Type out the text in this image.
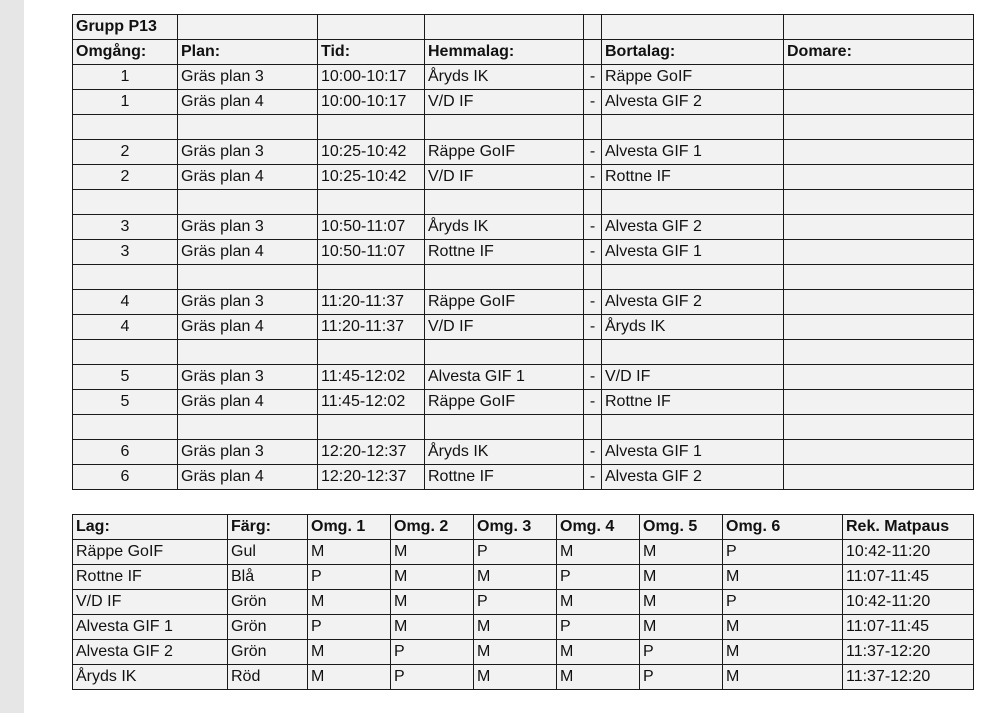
Grupp P13						
Omgång:	Plan:	Tid:	Hemmalag:		Bortalag:	Domare:
1	Gräs plan 3	10:00-10:17	Åryds IK	-	Räppe GoIF	
1	Gräs plan 4	10:00-10:17	V/D IF	-	Alvesta GIF 2	

2	Gräs plan 3	10:25-10:42	Räppe GoIF	-	Alvesta GIF 1	
2	Gräs plan 4	10:25-10:42	V/D IF	-	Rottne IF	

3	Gräs plan 3	10:50-11:07	Åryds IK	-	Alvesta GIF 2	
3	Gräs plan 4	10:50-11:07	Rottne IF	-	Alvesta GIF 1	

4	Gräs plan 3	11:20-11:37	Räppe GoIF	-	Alvesta GIF 2	
4	Gräs plan 4	11:20-11:37	V/D IF	-	Åryds IK	

5	Gräs plan 3	11:45-12:02	Alvesta GIF 1	-	V/D IF	
5	Gräs plan 4	11:45-12:02	Räppe GoIF	-	Rottne IF	

6	Gräs plan 3	12:20-12:37	Åryds IK	-	Alvesta GIF 1	
6	Gräs plan 4	12:20-12:37	Rottne IF	-	Alvesta GIF 2	
Lag:	Färg:	Omg. 1	Omg. 2	Omg. 3	Omg. 4	Omg. 5	Omg. 6	Rek. Matpaus
Räppe GoIF	Gul	M	M	P	M	M	P	10:42-11:20
Rottne IF	Blå	P	M	M	P	M	M	11:07-11:45
V/D IF	Grön	M	M	P	M	M	P	10:42-11:20
Alvesta GIF 1	Grön	P	M	M	P	M	M	11:07-11:45
Alvesta GIF 2	Grön	M	P	M	M	P	M	11:37-12:20
Åryds IK	Röd	M	P	M	M	P	M	11:37-12:20
